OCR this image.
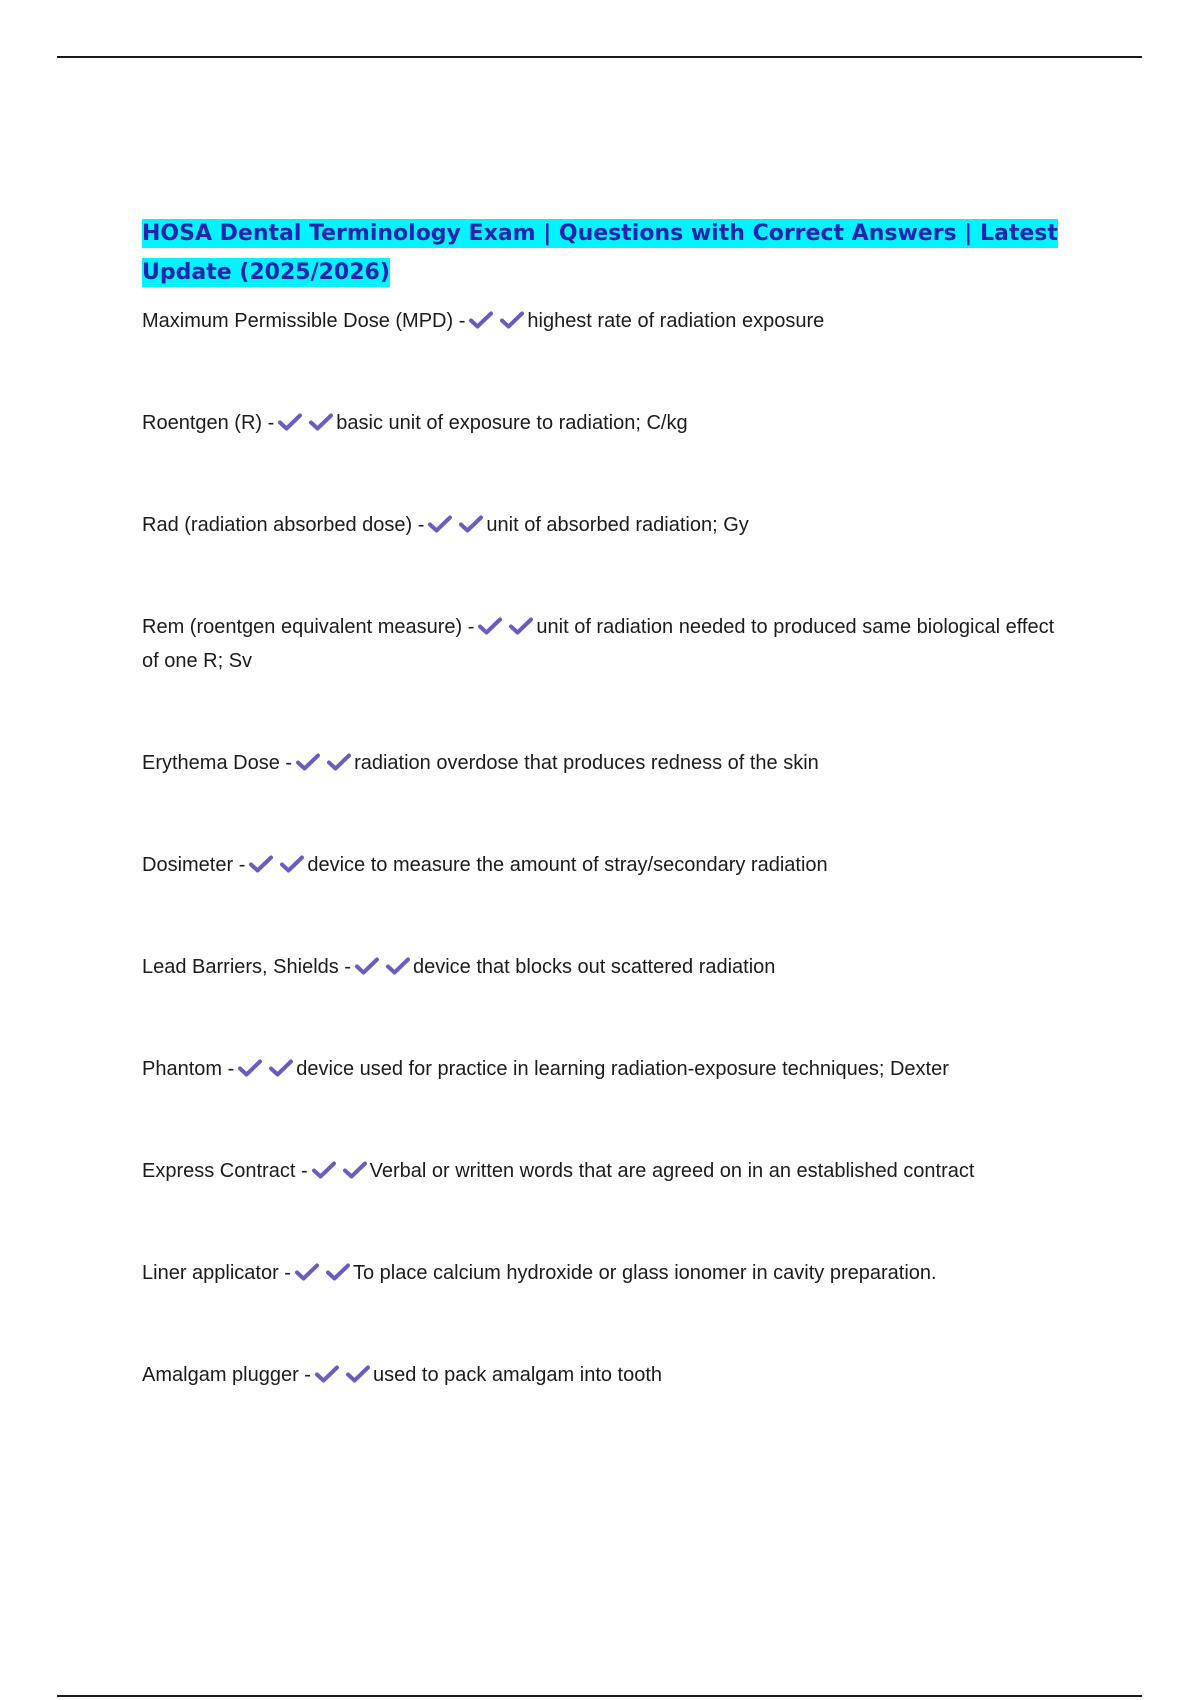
HOSA Dental Terminology Exam | Questions with Correct Answers | Latest Update (2025/2026)

Maximum Permissible Dose (MPD) -	highest rate of radiation exposure

Roentgen (R) -	basic unit of exposure to radiation; C/kg

Rad (radiation absorbed dose) -	unit of absorbed radiation; Gy

Rem (roentgen equivalent measure) -	unit of radiation needed to produced same biological effect of one R; Sv

Erythema Dose -	radiation overdose that produces redness of the skin

Dosimeter -	device to measure the amount of stray/secondary radiation

Lead Barriers, Shields -	device that blocks out scattered radiation

Phantom -	device used for practice in learning radiation-exposure techniques; Dexter

Express Contract -	Verbal or written words that are agreed on in an established contract

Liner applicator -	To place calcium hydroxide or glass ionomer in cavity preparation.

Amalgam plugger -	used to pack amalgam into tooth
